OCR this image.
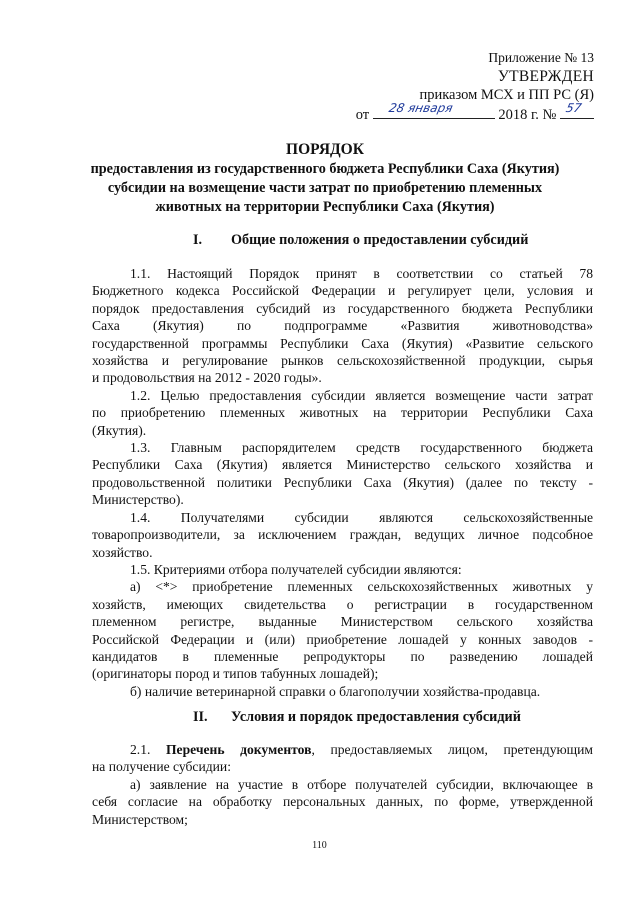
Приложение № 13
УТВЕРЖДЕН
приказом МСХ и ПП РС (Я)
от 28 января	2018 г. № 57
ПОРЯДОК
предоставления из государственного бюджета Республики Саха (Якутия)
субсидии на возмещение части затрат по приобретению племенных
животных на территории Республики Саха (Якутия)
I. Общие положения о предоставлении субсидий

1.1. Настоящий Порядок принят в соответствии со статьей 78

Бюджетного кодекса Российской Федерации и регулирует цели, условия и

порядок предоставления субсидий из государственного бюджета Республики

Саха (Якутия) по подпрограмме «Развития животноводства»

государственной программы Республики Саха (Якутия) «Развитие сельского

хозяйства и регулирование рынков сельскохозяйственной продукции, сырья

и продовольствия на 2012 - 2020 годы».

1.2. Целью предоставления субсидии является возмещение части затрат

по приобретению племенных животных на территории Республики Саха

(Якутия).

1.3. Главным распорядителем средств государственного бюджета

Республики Саха (Якутия) является Министерство сельского хозяйства и

продовольственной политики Республики Саха (Якутия) (далее по тексту -

Министерство).

1.4. Получателями субсидии являются сельскохозяйственные

товаропроизводители, за исключением граждан, ведущих личное подсобное

хозяйство.

1.5. Критериями отбора получателей субсидии являются:

а) <*> приобретение племенных сельскохозяйственных животных у

хозяйств, имеющих свидетельства о регистрации в государственном

племенном регистре, выданные Министерством сельского хозяйства

Российской Федерации и (или) приобретение лошадей у конных заводов -

кандидатов в племенные репродукторы по разведению лошадей

(оригинаторы пород и типов табунных лошадей);

б) наличие ветеринарной справки о благополучии хозяйства-продавца.

II. Условия и порядок предоставления субсидий

2.1. Перечень документов, предоставляемых лицом, претендующим

на получение субсидии:

а) заявление на участие в отборе получателей субсидии, включающее в

себя согласие на обработку персональных данных, по форме, утвержденной

Министерством;

110
